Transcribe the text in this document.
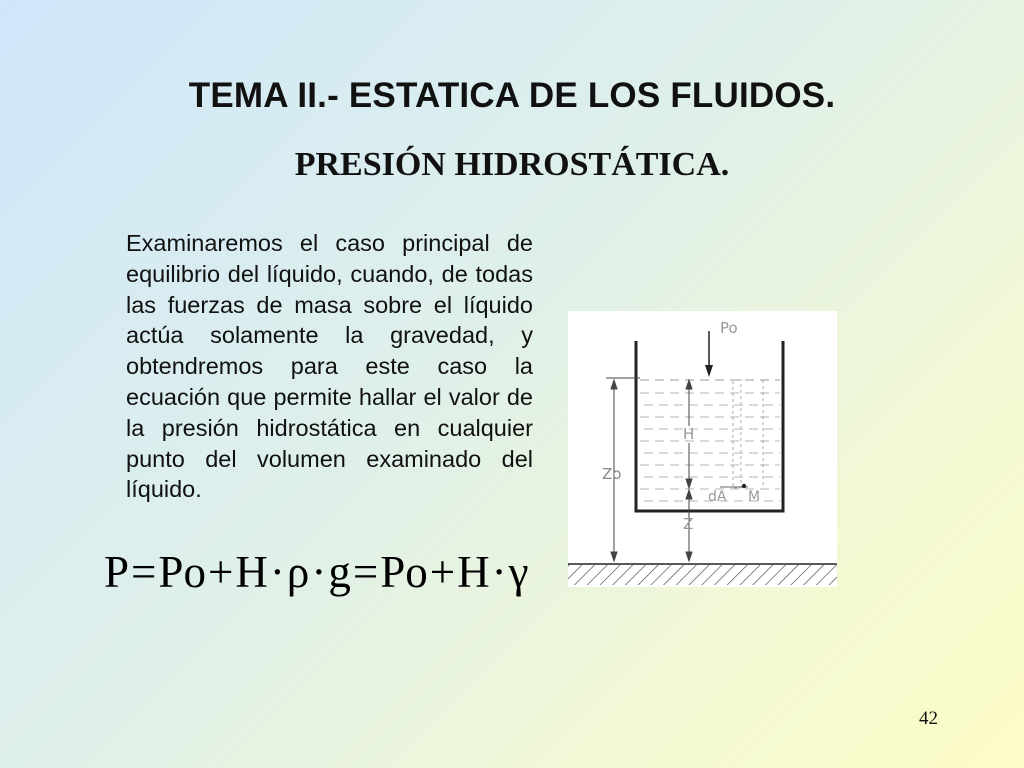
TEMA II.- ESTATICA DE LOS FLUIDOS.
PRESIÓN HIDROSTÁTICA.
Examinaremos el caso principal de equilibrio del líquido, cuando, de todas las fuerzas de masa sobre el líquido actúa solamente la gravedad, y obtendremos para este caso la ecuación que permite hallar el valor de la presión hidrostática en cualquier punto del volumen examinado del líquido.
P=Po+H·ρ·g=Po+H·γ
Po
Zo
H
Z
dA M
42
